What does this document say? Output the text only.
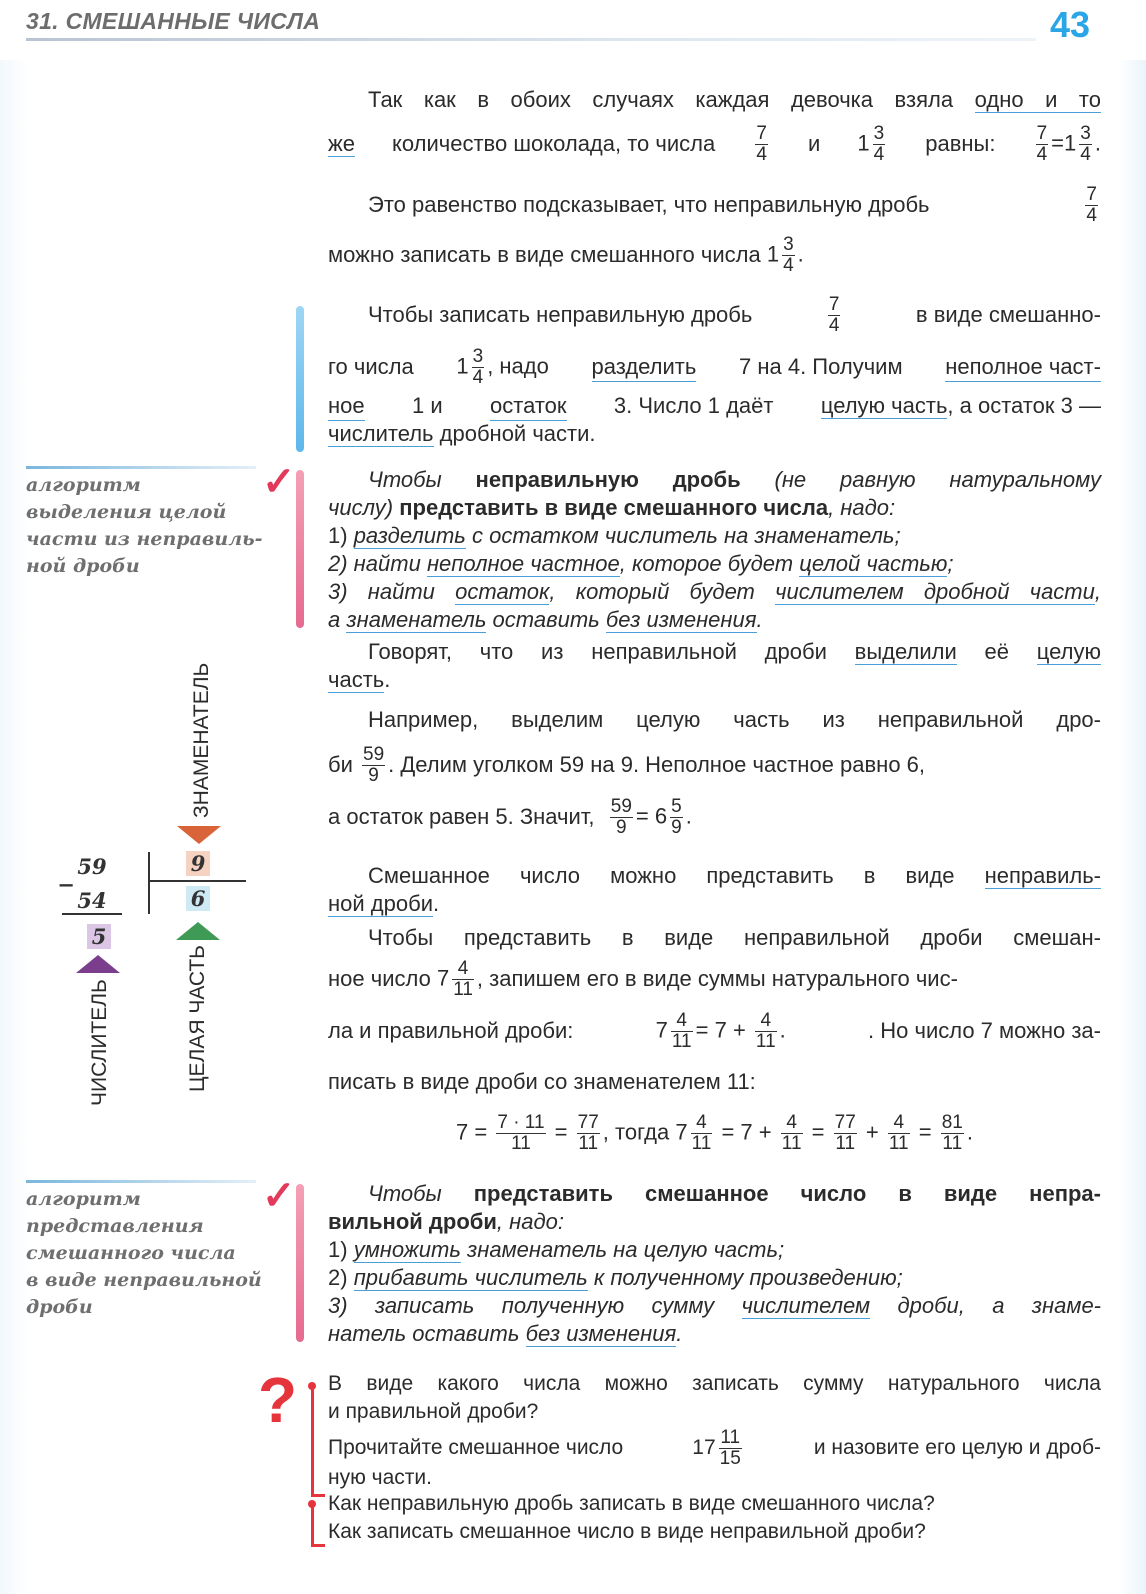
31. СМЕШАННЫЕ ЧИСЛА	43
Так как в обоих случаях каждая девочка взяла одно и то
же количество шоколада, то числа 7
4 и $1 \frac{3}{4}$ равны: $\frac{7}{4} =1 \frac{3}{4}$ .
Это равенство подсказывает, что неправильную дробь	7
4
можно записать в виде смешанного числа
$1 \frac{3}{4}$ .
Чтобы записать неправильную дробь	7
4	в виде смешанно-
го числа $1 \frac{3}{4}$ , надо разделить 7 на 4. Получим неполное част-
ное 1 и остаток 3. Число 1 даёт целую часть, а остаток 3 —
числитель дробной части.
алгоритм
выделения целой
части из неправиль-
ной дроби
✓	Чтобы неправильную дробь (не равную натуральному
числу) представить в виде смешанного числа, надо:
1) разделить с остатком числитель на знаменатель;
2) найти неполное частное, которое будет целой частью;
3) найти остаток, который будет числителем дробной части,
а знаменатель оставить без изменения.
Говорят, что из неправильной дроби выделили её целую
часть.
Например, выделим целую часть из неправильной дро-
би
59
9 . Делим уголком 59 на 9. Неполное частное равно 6,
а остаток равен 5. Значит,
$\frac{59}{9} = 6 \frac{5}{9}$ .
ЗНАМЕНАТЕЛЬ
59
−
54
5
9
6
ЧИСЛИТЕЛЬ	ЦЕЛАЯ ЧАСТЬ
Смешанное число можно представить в виде неправиль-
ной дроби.
Чтобы представить в виде неправильной дроби смешан-
ное число
$7 \frac{4}{11}$ , запишем его в виде суммы натурального чис-
ла и правильной дроби:	$7 \frac{4}{11} = 7 + \frac{4}{11}$ .	. Но число 7 можно за-
писать в виде дроби со знаменателем 11:
$7 = \frac{7 \cdot 11}{11} = \frac{77}{11}$ , тогда $7 \frac{4}{11} = 7 + \frac{4}{11} = \frac{77}{11} + \frac{4}{11} = \frac{81}{11}$ .
алгоритм
представления
смешанного числа
в виде неправильной
дроби
✓	Чтобы представить смешанное число в виде непра-
вильной дроби, надо:
1) умножить знаменатель на целую часть;
2) прибавить числитель к полученному произведению;
3) записать полученную сумму числителем дроби, а знаме-
натель оставить без изменения.
? В виде какого числа можно записать сумму натурального числа
и правильной дроби?
Прочитайте смешанное число	$17 \frac{11}{15}$	и назовите его целую и дроб-
ную части.
Как неправильную дробь записать в виде смешанного числа?
Как записать смешанное число в виде неправильной дроби?
